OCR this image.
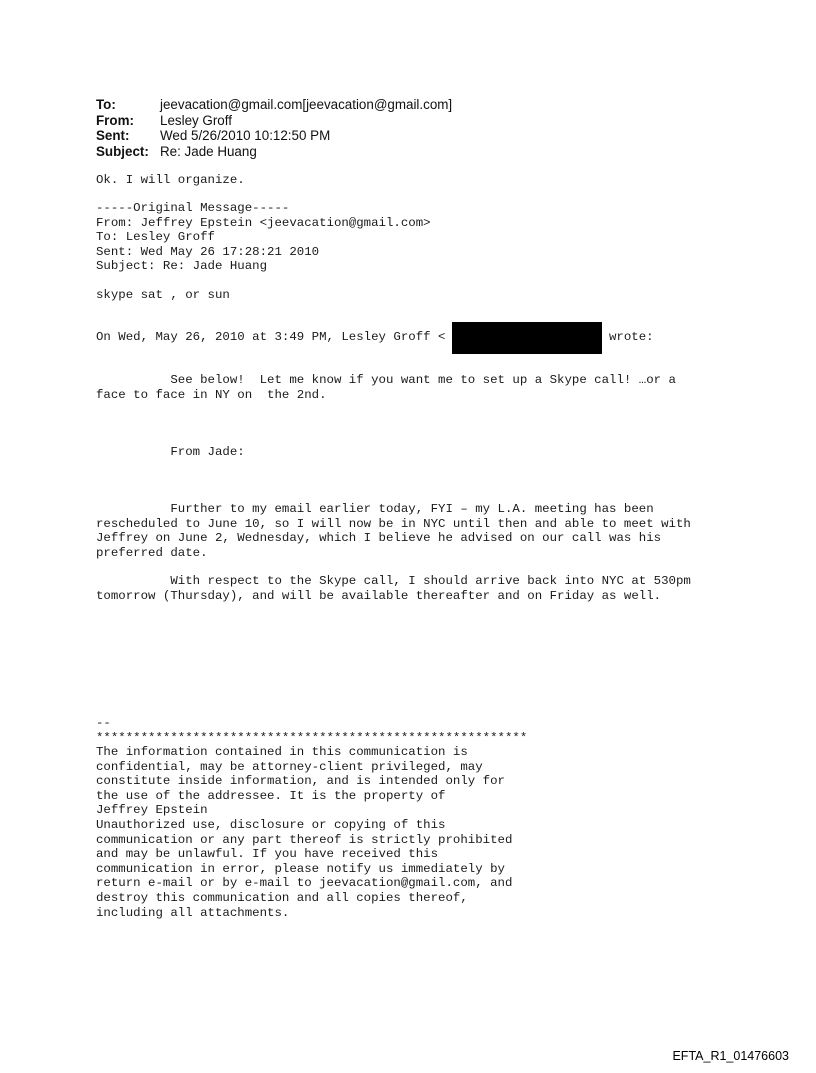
To:	jeevacation@gmail.com[jeevacation@gmail.com]
From:	Lesley Groff
Sent:	Wed 5/26/2010 10:12:50 PM
Subject: Re: Jade Huang
Ok. I will organize.
-----Original Message-----
From: Jeffrey Epstein <jeevacation@gmail.com>
To: Lesley Groff
Sent: Wed May 26 17:28:21 2010
Subject: Re: Jade Huang
skype sat , or sun
On Wed, May 26, 2010 at 3:49 PM, Lesley Groff <	wrote:
See below!  Let me know if you want me to set up a Skype call! …or a
face to face in NY on  the 2nd.
From Jade:
Further to my email earlier today, FYI – my L.A. meeting has been
rescheduled to June 10, so I will now be in NYC until then and able to meet with
Jeffrey on June 2, Wednesday, which I believe he advised on our call was his
preferred date.
With respect to the Skype call, I should arrive back into NYC at 530pm
tomorrow (Thursday), and will be available thereafter and on Friday as well.
--
**********************************************************
The information contained in this communication is
confidential, may be attorney-client privileged, may
constitute inside information, and is intended only for
the use of the addressee. It is the property of
Jeffrey Epstein
Unauthorized use, disclosure or copying of this
communication or any part thereof is strictly prohibited
and may be unlawful. If you have received this
communication in error, please notify us immediately by
return e-mail or by e-mail to jeevacation@gmail.com, and
destroy this communication and all copies thereof,
including all attachments.
EFTA_R1_01476603
